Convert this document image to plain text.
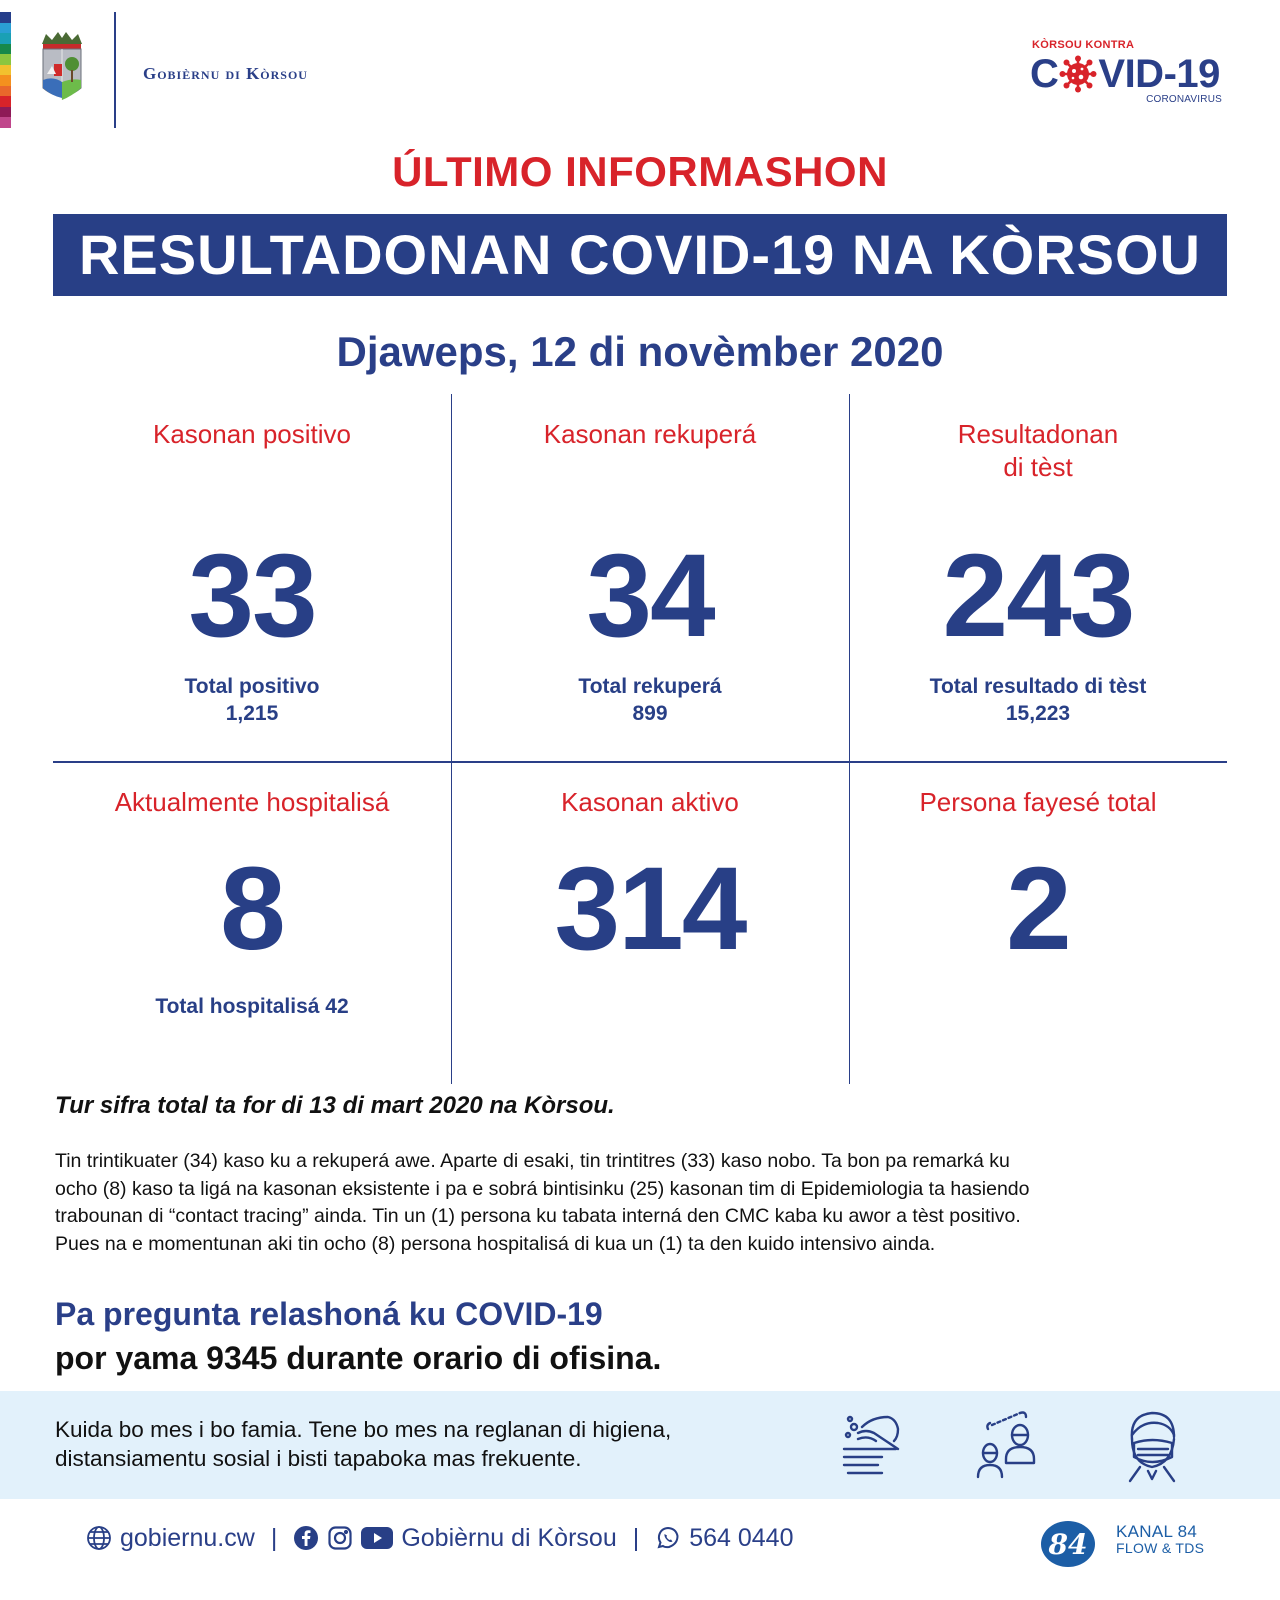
Gobièrnu di Kòrsou
KÒRSOU KONTRA
C VID-19
CORONAVIRUS
ÚLTIMO INFORMASHON
RESULTADONAN COVID-19 NA KÒRSOU
Djaweps, 12 di novèmber 2020
Kasonan positivo
33
Total positivo
1,215
Kasonan rekuperá
34
Total rekuperá
899
Resultadonan
di tèst
243
Total resultado di tèst
15,223
Aktualmente hospitalisá
8
Total hospitalisá 42
Kasonan aktivo
314
Persona fayesé total
2
Tur sifra total ta for di 13 di mart 2020 na Kòrsou.
Tin trintikuater (34) kaso ku a rekuperá awe. Aparte di esaki, tin trintitres (33) kaso nobo. Ta bon pa remarká ku
ocho (8) kaso ta ligá na kasonan eksistente i pa e sobrá bintisinku (25) kasonan tim di Epidemiologia ta hasiendo
trabounan di “contact tracing” ainda. Tin un (1) persona ku tabata interná den CMC kaba ku awor a tèst positivo.
Pues na e momentunan aki tin ocho (8) persona hospitalisá di kua un (1) ta den kuido intensivo ainda.
Pa pregunta relashoná ku COVID-19
por yama 9345 durante orario di ofisina.
Kuida bo mes i bo famia. Tene bo mes na reglanan di higiena,
distansiamentu sosial i bisti tapaboka mas frekuente.
gobiernu.cw |	Gobièrnu di Kòrsou | 564 0440	84 KANAL 84
FLOW & TDS
